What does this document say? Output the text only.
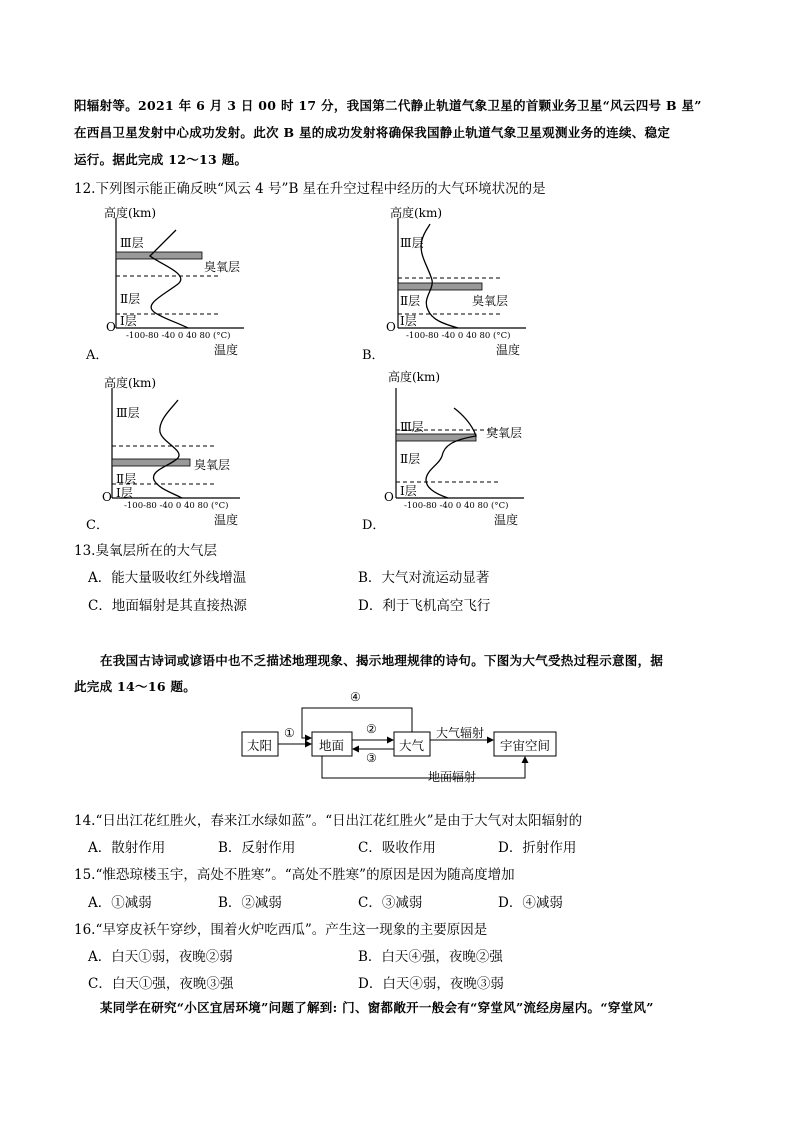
阳辐射等。2021 年 6 月 3 日 00 时 17 分，我国第二代静止轨道气象卫星的首颗业务卫星“风云四号 B 星”
在西昌卫星发射中心成功发射。此次 B 星的成功发射将确保我国静止轨道气象卫星观测业务的连续、稳定
运行。据此完成 12～13 题。
12.下列图示能正确反映“风云 4 号”B 星在升空过程中经历的大气环境状况的是
高度(km)
Ⅲ层
Ⅱ层
Ⅰ层
臭氧层
O
-100-80 -40 0 40 80 (°C)
温度
A．
高度(km)
Ⅲ层
Ⅱ层
Ⅰ层
臭氧层
O
-100-80 -40 0 40 80 (°C)
温度
B．
高度(km)
Ⅲ层
Ⅱ层
Ⅰ层
臭氧层
O
-100-80 -40 0 40 80 (°C)
温度
C．
高度(km)
Ⅲ层
Ⅱ层
Ⅰ层
臭氧层
O
-100-80 -40 0 40 80 (°C)
温度
D．
13.臭氧层所在的大气层
A．能大量吸收红外线增温	B．大气对流运动显著
C．地面辐射是其直接热源	D．利于飞机高空飞行
在我国古诗词或谚语中也不乏描述地理现象、揭示地理规律的诗句。下图为大气受热过程示意图，据
此完成 14～16 题。
太阳	地面	大气	宇宙空间
①	②
③
④
大气辐射
地面辐射
14.“日出江花红胜火，春来江水绿如蓝”。“日出江花红胜火”是由于大气对太阳辐射的
A．散射作用	B．反射作用	C．吸收作用	D．折射作用
15.“惟恐琼楼玉宇，高处不胜寒”。“高处不胜寒”的原因是因为随高度增加
A．①减弱	B．②减弱	C．③减弱	D．④减弱
16.“早穿皮袄午穿纱，围着火炉吃西瓜”。产生这一现象的主要原因是
A．白天①弱，夜晚②弱	B．白天④强，夜晚②强
C．白天①强，夜晚③强	D．白天④弱，夜晚③弱
某同学在研究“小区宜居环境”问题了解到: 门、窗都敞开一般会有“穿堂风”流经房屋内。“穿堂风”
